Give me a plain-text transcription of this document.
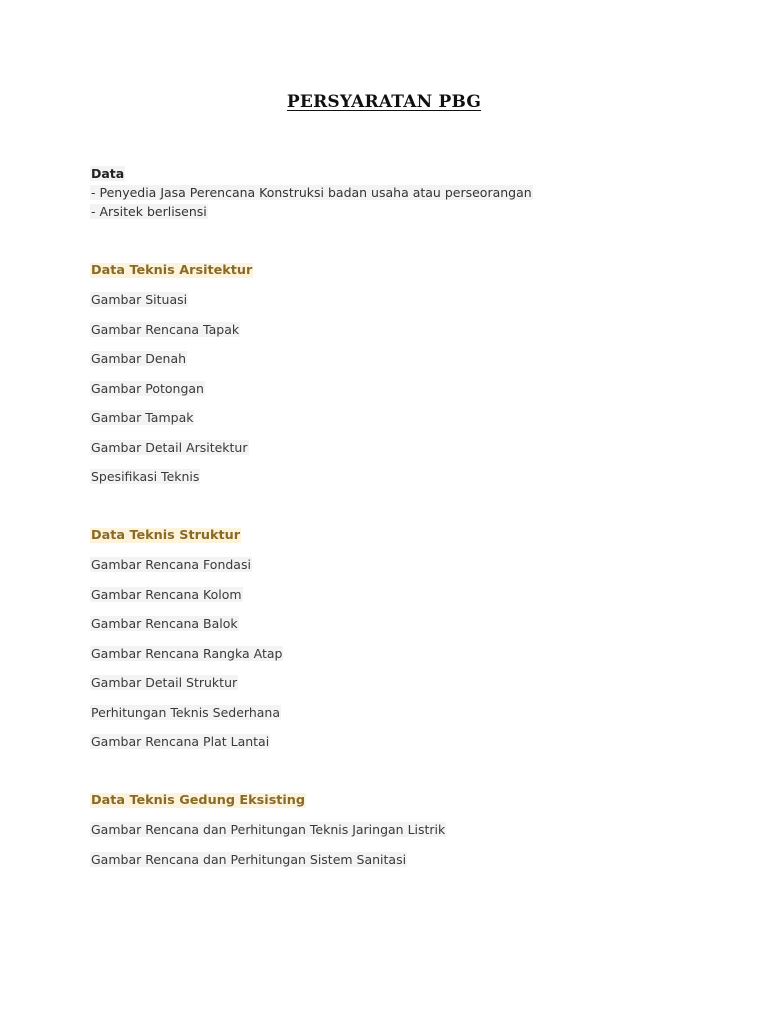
PERSYARATAN PBG
Data
- Penyedia Jasa Perencana Konstruksi badan usaha atau perseorangan
- Arsitek berlisensi
Data Teknis Arsitektur
Gambar Situasi
Gambar Rencana Tapak
Gambar Denah
Gambar Potongan
Gambar Tampak
Gambar Detail Arsitektur
Spesifikasi Teknis
Data Teknis Struktur
Gambar Rencana Fondasi
Gambar Rencana Kolom
Gambar Rencana Balok
Gambar Rencana Rangka Atap
Gambar Detail Struktur
Perhitungan Teknis Sederhana
Gambar Rencana Plat Lantai
Data Teknis Gedung Eksisting
Gambar Rencana dan Perhitungan Teknis Jaringan Listrik
Gambar Rencana dan Perhitungan Sistem Sanitasi
